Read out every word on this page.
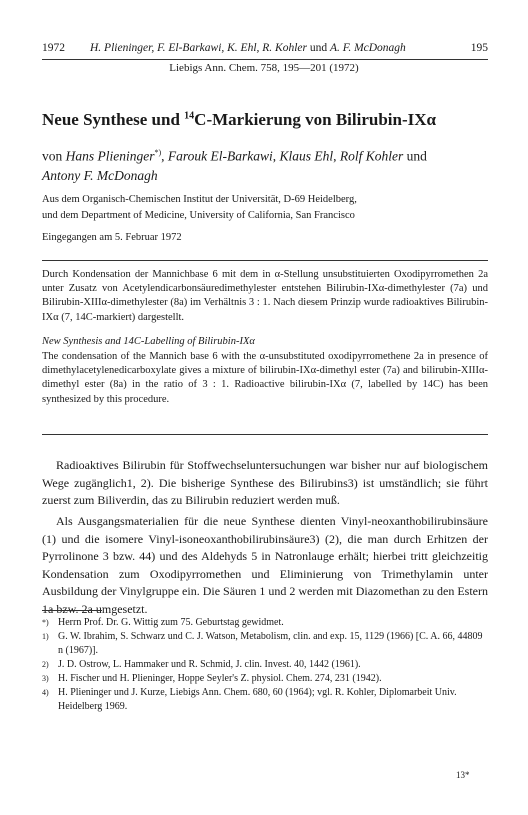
1972 H. Plieninger, F. El-Barkawi, K. Ehl, R. Kohler und A. F. McDonagh	195
Liebigs Ann. Chem. 758, 195—201 (1972)
Neue Synthese und $^{14}$C-Markierung von Bilirubin-IXα
von Hans Plieninger*), Farouk El-Barkawi, Klaus Ehl, Rolf Kohler und
Antony F. McDonagh
Aus dem Organisch-Chemischen Institut der Universität, D-69 Heidelberg,
und dem Department of Medicine, University of California, San Francisco
Eingegangen am 5. Februar 1972
Durch Kondensation der Mannichbase 6 mit dem in α-Stellung unsubstituierten Oxodipyrromethen 2a unter Zusatz von Acetylendicarbonsäuredimethylester entstehen Bilirubin-IXα-dimethylester (7a) und Bilirubin-XIIIα-dimethylester (8a) im Verhältnis 3 : 1. Nach diesem Prinzip wurde radioaktives Bilirubin-IXα (7, 14C-markiert) dargestellt.
New Synthesis and 14C-Labelling of Bilirubin-IXα
The condensation of the Mannich base 6 with the α-unsubstituted oxodipyrromethene 2a in presence of dimethylacetylenedicarboxylate gives a mixture of bilirubin-IXα-dimethyl ester (7a) and bilirubin-XIIIα-dimethyl ester (8a) in the ratio of 3 : 1. Radioactive bilirubin-IXα (7, labelled by 14C) has been synthesized by this procedure.
Radioaktives Bilirubin für Stoffwechseluntersuchungen war bisher nur auf biologischem Wege zugänglich1, 2). Die bisherige Synthese des Bilirubins3) ist umständlich; sie führt zuerst zum Biliverdin, das zu Bilirubin reduziert werden muß.
Als Ausgangsmaterialien für die neue Synthese dienten Vinyl-neoxanthobilirubinsäure (1) und die isomere Vinyl-isoneoxanthobilirubinsäure3) (2), die man durch Erhitzen der Pyrrolinone 3 bzw. 44) und des Aldehyds 5 in Natronlauge erhält; hierbei tritt gleichzeitig Kondensation zum Oxodipyrromethen und Eliminierung von Trimethylamin unter Ausbildung der Vinylgruppe ein. Die Säuren 1 und 2 werden mit Diazomethan zu den Estern 1a bzw. 2a umgesetzt.
*) Herrn Prof. Dr. G. Wittig zum 75. Geburtstag gewidmet.
1) G. W. Ibrahim, S. Schwarz und C. J. Watson, Metabolism, clin. and exp. 15, 1129 (1966) [C. A. 66, 44809 n (1967)].
2) J. D. Ostrow, L. Hammaker und R. Schmid, J. clin. Invest. 40, 1442 (1961).
3) H. Fischer und H. Plieninger, Hoppe Seyler's Z. physiol. Chem. 274, 231 (1942).
4) H. Plieninger und J. Kurze, Liebigs Ann. Chem. 680, 60 (1964); vgl. R. Kohler, Diplomarbeit Univ. Heidelberg 1969.
13*
